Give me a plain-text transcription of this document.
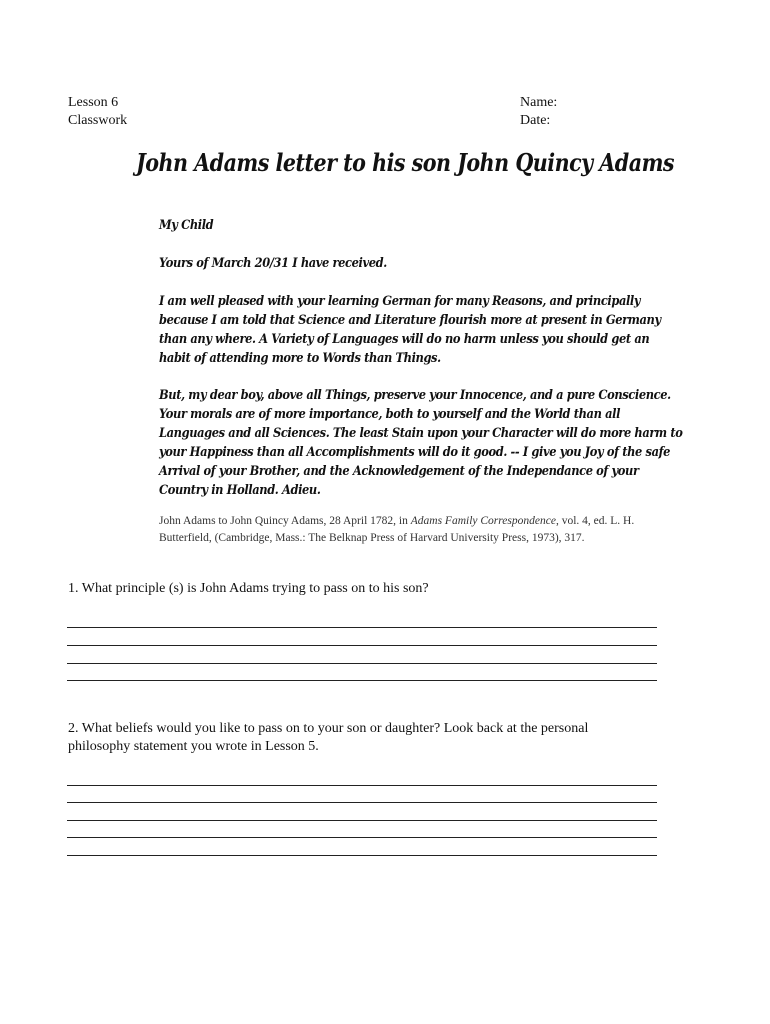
Lesson 6
Classwork
Name:
Date:
John Adams letter to his son John Quincy Adams

My Child

Yours of March 20/31 I have received.

I am well pleased with your learning German for many Reasons, and principally

because I am told that Science and Literature flourish more at present in Germany

than any where. A Variety of Languages will do no harm unless you should get an

habit of attending more to Words than Things.

But, my dear boy, above all Things, preserve your Innocence, and a pure Conscience.

Your morals are of more importance, both to yourself and the World than all

Languages and all Sciences. The least Stain upon your Character will do more harm to

your Happiness than all Accomplishments will do it good. -- I give you Joy of the safe

Arrival of your Brother, and the Acknowledgement of the Independance of your

Country in Holland. Adieu.

John Adams to John Quincy Adams, 28 April 1782, in Adams Family Correspondence, vol. 4, ed. L. H. Butterfield, (Cambridge, Mass.: The Belknap Press of Harvard University Press, 1973), 317.
1. What principle (s) is John Adams trying to pass on to his son?
2. What beliefs would you like to pass on to your son or daughter? Look back at the personal philosophy statement you wrote in Lesson 5.
